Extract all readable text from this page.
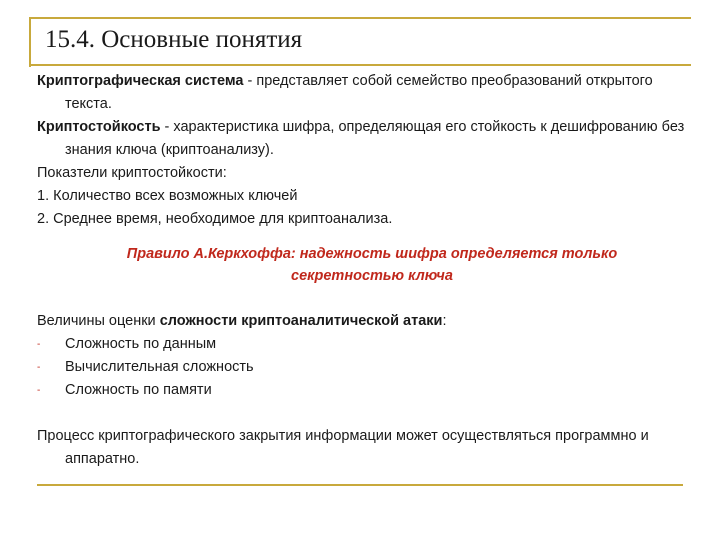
15.4. Основные понятия

Криптографическая система - представляет собой семейство преобразований открытого текста.

Криптостойкость - характеристика шифра, определяющая его стойкость к дешифрованию без знания ключа (криптоанализу).

Показтели криптостойкости:

1. Количество всех возможных ключей

2. Среднее время, необходимое для криптоанализа.

Правило А.Керкхоффа: надежность шифра определяется только
секретностью ключа

Величины оценки сложности криптоаналитической атаки:

-	Сложность по данным
-	Вычислительная сложность
-	Сложность по памяти

Процесс криптографического закрытия информации может осуществляться программно и аппаратно.
